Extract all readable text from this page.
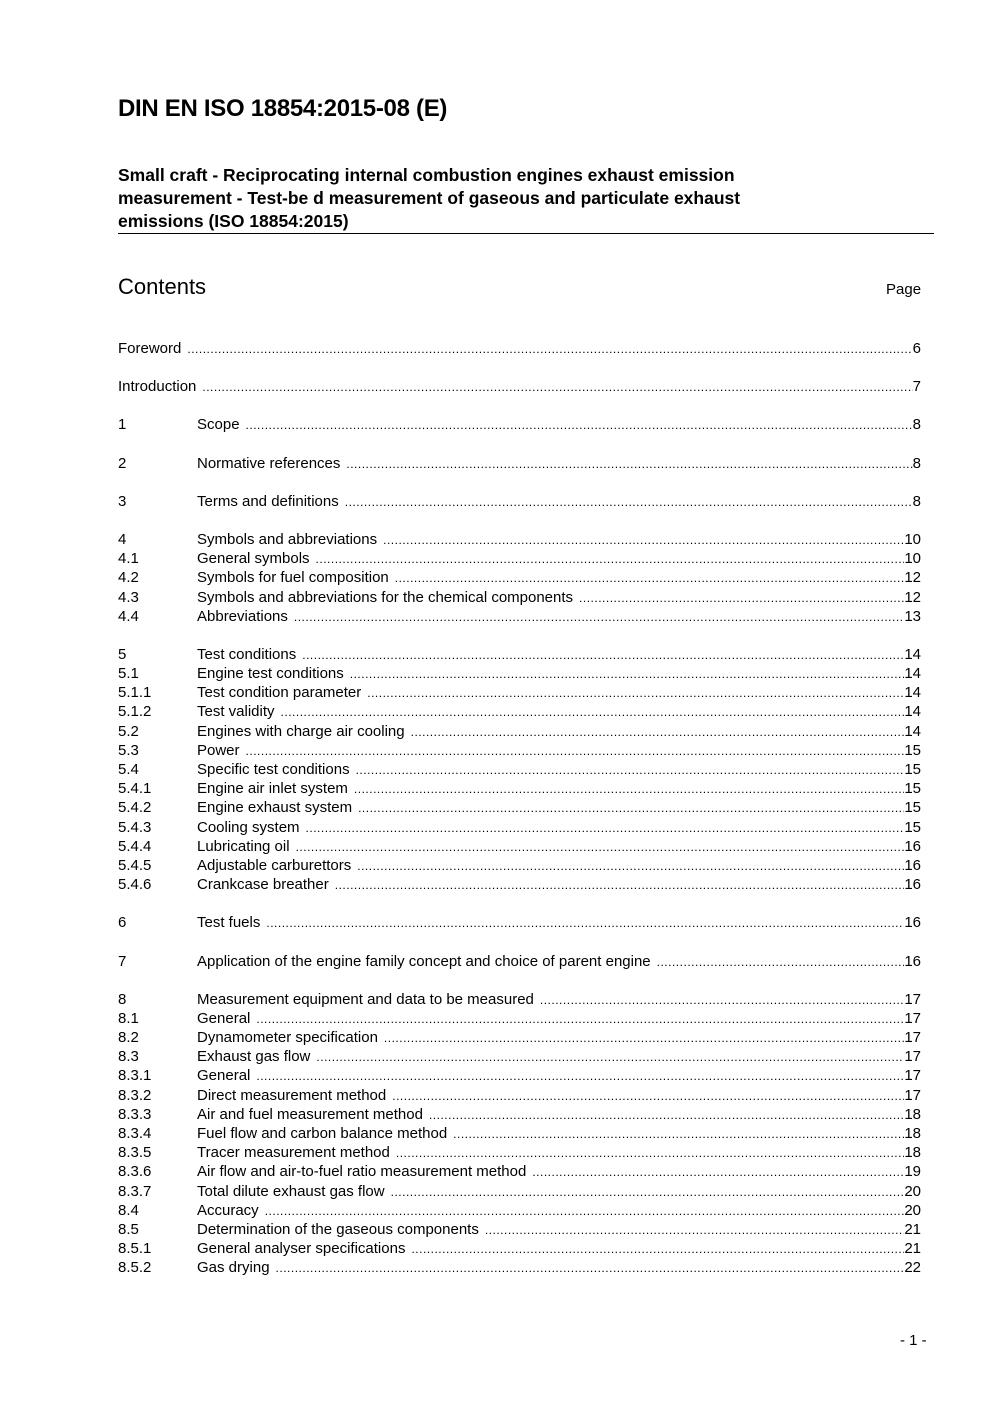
DIN EN ISO 18854:2015-08 (E)
Small craft - Reciprocating internal combustion engines exhaust emission
measurement - Test-be d measurement of gaseous and particulate exhaust
emissions (ISO 18854:2015)
Contents	Page
Foreword .....	6
Introduction .....	7
1	Scope .....	8
2	Normative references .....	8
3	Terms and definitions .....	8
4	Symbols and abbreviations .....	10
4.1	General symbols .....	10
4.2	Symbols for fuel composition .....	12
4.3	Symbols and abbreviations for the chemical components .....	12
4.4	Abbreviations .....	13
5	Test conditions .....	14
5.1	Engine test conditions .....	14
5.1.1	Test condition parameter .....	14
5.1.2	Test validity .....	14
5.2	Engines with charge air cooling .....	14
5.3	Power .....	15
5.4	Specific test conditions .....	15
5.4.1	Engine air inlet system .....	15
5.4.2	Engine exhaust system .....	15
5.4.3	Cooling system .....	15
5.4.4	Lubricating oil .....	16
5.4.5	Adjustable carburettors .....	16
5.4.6	Crankcase breather .....	16
6	Test fuels .....	16
7	Application of the engine family concept and choice of parent engine .....	16
8	Measurement equipment and data to be measured .....	17
8.1	General .....	17
8.2	Dynamometer specification .....	17
8.3	Exhaust gas flow .....	17
8.3.1	General .....	17
8.3.2	Direct measurement method .....	17
8.3.3	Air and fuel measurement method .....	18
8.3.4	Fuel flow and carbon balance method .....	18
8.3.5	Tracer measurement method .....	18
8.3.6	Air flow and air-to-fuel ratio measurement method .....	19
8.3.7	Total dilute exhaust gas flow .....	20
8.4	Accuracy .....	20
8.5	Determination of the gaseous components .....	21
8.5.1	General analyser specifications .....	21
8.5.2	Gas drying .....	22
- 1 -
